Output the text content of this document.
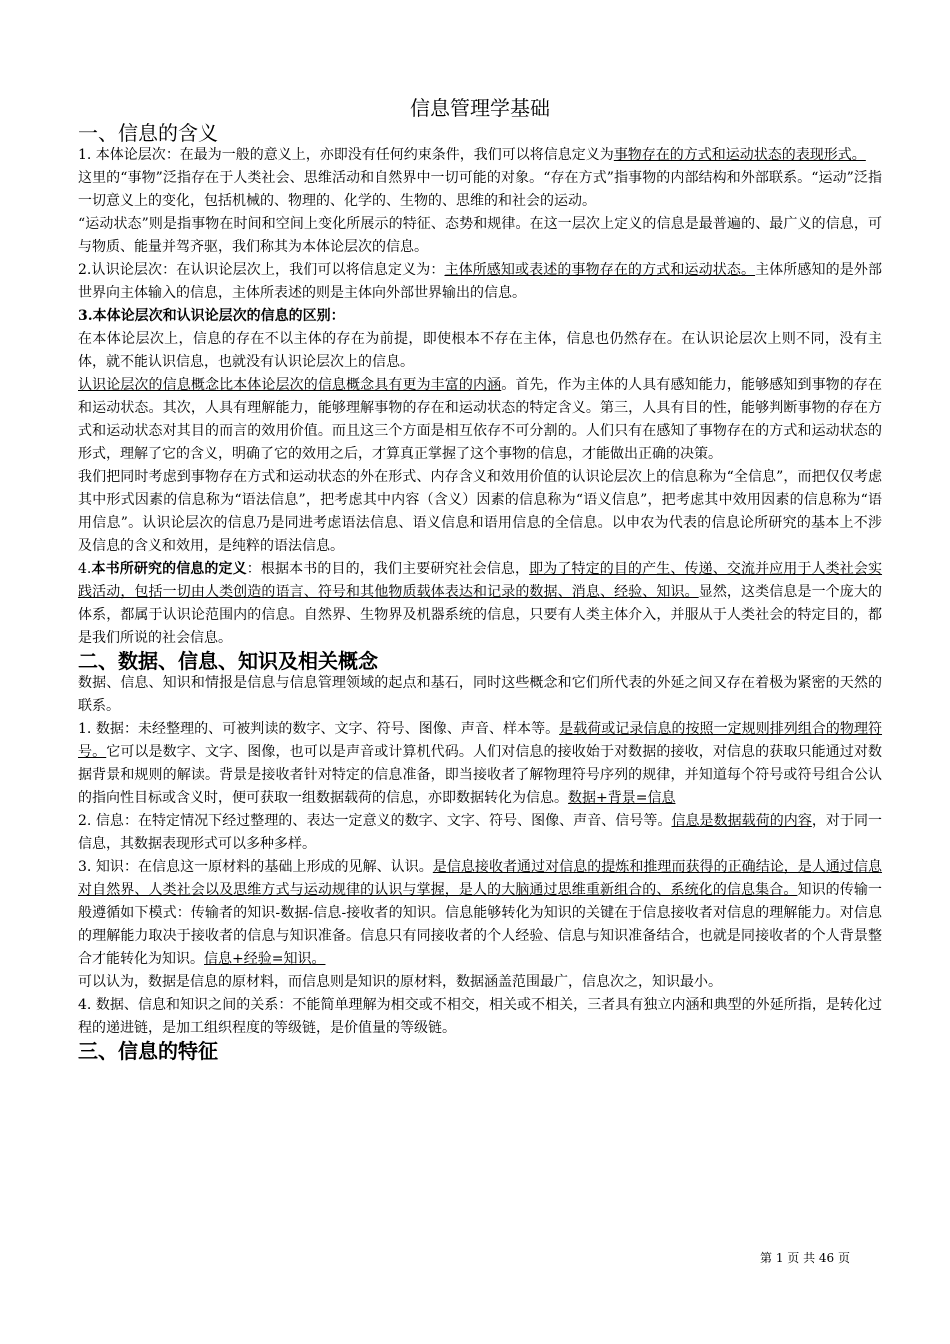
信息管理学基础
一、信息的含义

1. 本体论层次：在最为一般的意义上，亦即没有任何约束条件，我们可以将信息定义为事物存在的方式和运动状态的表现形式。

这里的“事物”泛指存在于人类社会、思维活动和自然界中一切可能的对象。“存在方式”指事物的内部结构和外部联系。“运动”泛指一切意义上的变化，包括机械的、物理的、化学的、生物的、思维的和社会的运动。

“运动状态”则是指事物在时间和空间上变化所展示的特征、态势和规律。在这一层次上定义的信息是最普遍的、最广义的信息，可与物质、能量并驾齐驱，我们称其为本体论层次的信息。

2.认识论层次：在认识论层次上，我们可以将信息定义为：主体所感知或表述的事物存在的方式和运动状态。主体所感知的是外部世界向主体输入的信息，主体所表述的则是主体向外部世界输出的信息。

3.本体论层次和认识论层次的信息的区别：

在本体论层次上，信息的存在不以主体的存在为前提，即使根本不存在主体，信息也仍然存在。在认识论层次上则不同，没有主体，就不能认识信息，也就没有认识论层次上的信息。

认识论层次的信息概念比本体论层次的信息概念具有更为丰富的内涵。首先，作为主体的人具有感知能力，能够感知到事物的存在和运动状态。其次，人具有理解能力，能够理解事物的存在和运动状态的特定含义。第三，人具有目的性，能够判断事物的存在方式和运动状态对其目的而言的效用价值。而且这三个方面是相互依存不可分割的。人们只有在感知了事物存在的方式和运动状态的形式，理解了它的含义，明确了它的效用之后，才算真正掌握了这个事物的信息，才能做出正确的决策。

我们把同时考虑到事物存在方式和运动状态的外在形式、内存含义和效用价值的认识论层次上的信息称为“全信息”，而把仅仅考虑其中形式因素的信息称为“语法信息”，把考虑其中内容（含义）因素的信息称为“语义信息”，把考虑其中效用因素的信息称为“语用信息”。认识论层次的信息乃是同进考虑语法信息、语义信息和语用信息的全信息。以申农为代表的信息论所研究的基本上不涉及信息的含义和效用，是纯粹的语法信息。

4.本书所研究的信息的定义：根据本书的目的，我们主要研究社会信息，即为了特定的目的产生、传递、交流并应用于人类社会实践活动，包括一切由人类创造的语言、符号和其他物质载体表达和记录的数据、消息、经验、知识。显然，这类信息是一个庞大的体系，都属于认识论范围内的信息。自然界、生物界及机器系统的信息，只要有人类主体介入，并服从于人类社会的特定目的，都是我们所说的社会信息。

二、数据、信息、知识及相关概念

数据、信息、知识和情报是信息与信息管理领域的起点和基石，同时这些概念和它们所代表的外延之间又存在着极为紧密的天然的联系。

1. 数据：未经整理的、可被判读的数字、文字、符号、图像、声音、样本等。是载荷或记录信息的按照一定规则排列组合的物理符号。它可以是数字、文字、图像，也可以是声音或计算机代码。人们对信息的接收始于对数据的接收，对信息的获取只能通过对数据背景和规则的解读。背景是接收者针对特定的信息准备，即当接收者了解物理符号序列的规律，并知道每个符号或符号组合公认的指向性目标或含义时，便可获取一组数据载荷的信息，亦即数据转化为信息。数据+背景=信息

2. 信息：在特定情况下经过整理的、表达一定意义的数字、文字、符号、图像、声音、信号等。信息是数据载荷的内容，对于同一信息，其数据表现形式可以多种多样。

3. 知识：在信息这一原材料的基础上形成的见解、认识。是信息接收者通过对信息的提炼和推理而获得的正确结论，是人通过信息对自然界、人类社会以及思维方式与运动规律的认识与掌握，是人的大脑通过思维重新组合的、系统化的信息集合。知识的传输一般遵循如下模式：传输者的知识-数据-信息-接收者的知识。信息能够转化为知识的关键在于信息接收者对信息的理解能力。对信息的理解能力取决于接收者的信息与知识准备。信息只有同接收者的个人经验、信息与知识准备结合，也就是同接收者的个人背景整合才能转化为知识。信息+经验=知识。

可以认为，数据是信息的原材料，而信息则是知识的原材料，数据涵盖范围最广，信息次之，知识最小。

4. 数据、信息和知识之间的关系：不能简单理解为相交或不相交，相关或不相关，三者具有独立内涵和典型的外延所指，是转化过程的递进链，是加工组织程度的等级链，是价值量的等级链。

三、信息的特征
第 1 页 共 46 页
